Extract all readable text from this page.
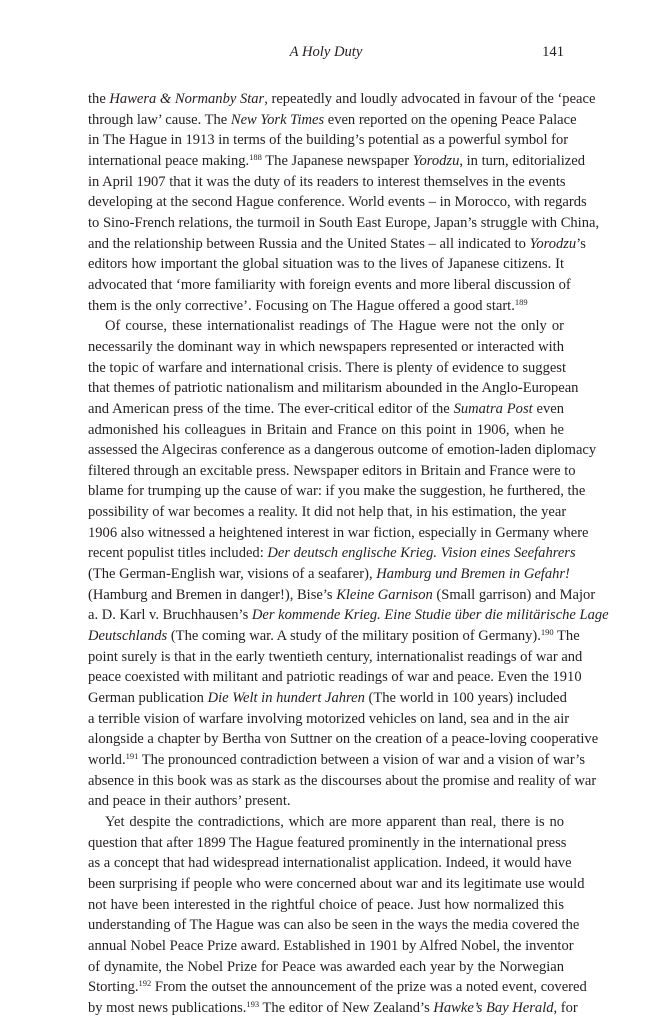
A Holy Duty	141
the Hawera & Normanby Star, repeatedly and loudly advocated in favour of the ‘peace
through law’ cause. The New York Times even reported on the opening Peace Palace
in The Hague in 1913 in terms of the building’s potential as a powerful symbol for
international peace making.$^{188}$ The Japanese newspaper Yorodzu, in turn, editorialized
in April 1907 that it was the duty of its readers to interest themselves in the events
developing at the second Hague conference. World events – in Morocco, with regards
to Sino-French relations, the turmoil in South East Europe, Japan’s struggle with China,
and the relationship between Russia and the United States – all indicated to Yorodzu’s
editors how important the global situation was to the lives of Japanese citizens. It
advocated that ‘more familiarity with foreign events and more liberal discussion of
them is the only corrective’. Focusing on The Hague offered a good start.$^{189}$
Of course, these internationalist readings of The Hague were not the only or
necessarily the dominant way in which newspapers represented or interacted with
the topic of warfare and international crisis. There is plenty of evidence to suggest
that themes of patriotic nationalism and militarism abounded in the Anglo-European
and American press of the time. The ever-critical editor of the Sumatra Post even
admonished his colleagues in Britain and France on this point in 1906, when he
assessed the Algeciras conference as a dangerous outcome of emotion-laden diplomacy
filtered through an excitable press. Newspaper editors in Britain and France were to
blame for trumping up the cause of war: if you make the suggestion, he furthered, the
possibility of war becomes a reality. It did not help that, in his estimation, the year
1906 also witnessed a heightened interest in war fiction, especially in Germany where
recent populist titles included: Der deutsch englische Krieg. Vision eines Seefahrers
(The German-English war, visions of a seafarer), Hamburg und Bremen in Gefahr!
(Hamburg and Bremen in danger!), Bise’s Kleine Garnison (Small garrison) and Major
a. D. Karl v. Bruchhausen’s Der kommende Krieg. Eine Studie über die militärische Lage
Deutschlands (The coming war. A study of the military position of Germany).$^{190}$ The
point surely is that in the early twentieth century, internationalist readings of war and
peace coexisted with militant and patriotic readings of war and peace. Even the 1910
German publication Die Welt in hundert Jahren (The world in 100 years) included
a terrible vision of warfare involving motorized vehicles on land, sea and in the air
alongside a chapter by Bertha von Suttner on the creation of a peace-loving cooperative
world.$^{191}$ The pronounced contradiction between a vision of war and a vision of war’s
absence in this book was as stark as the discourses about the promise and reality of war
and peace in their authors’ present.
Yet despite the contradictions, which are more apparent than real, there is no
question that after 1899 The Hague featured prominently in the international press
as a concept that had widespread internationalist application. Indeed, it would have
been surprising if people who were concerned about war and its legitimate use would
not have been interested in the rightful choice of peace. Just how normalized this
understanding of The Hague was can also be seen in the ways the media covered the
annual Nobel Peace Prize award. Established in 1901 by Alfred Nobel, the inventor
of dynamite, the Nobel Prize for Peace was awarded each year by the Norwegian
Storting.$^{192}$ From the outset the announcement of the prize was a noted event, covered
by most news publications.$^{193}$ The editor of New Zealand’s Hawke’s Bay Herald, for
